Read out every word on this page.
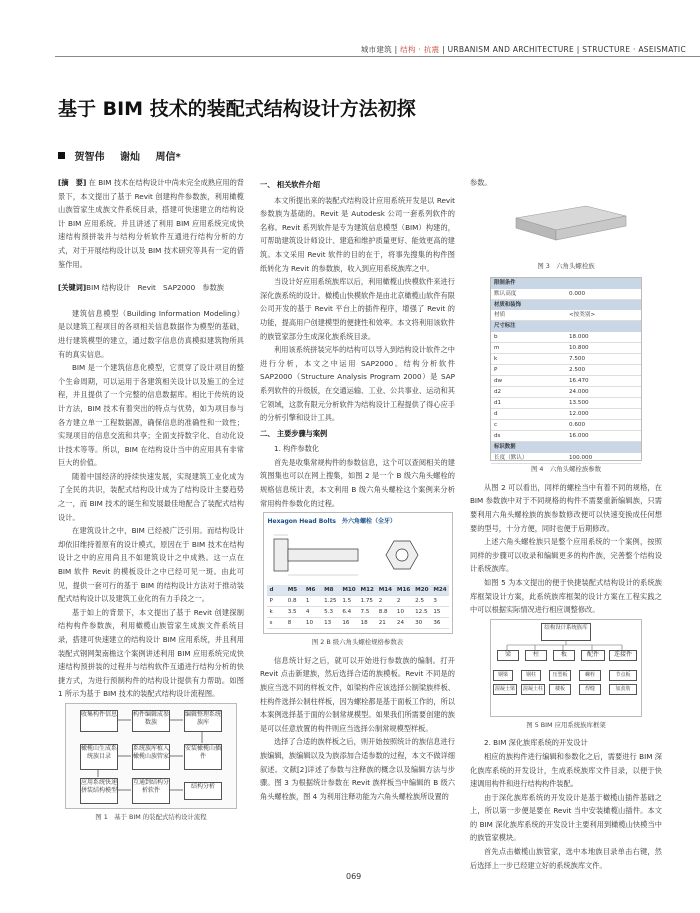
城市建筑 | 结构 · 抗震 | URBANISM AND ARCHITECTURE | STRUCTURE · ASEISMATIC
基于 BIM 技术的装配式结构设计方法初探
贺智伟 谢灿 周信*

[摘　要] 在 BIM 技术在结构设计中尚未完全成熟应用的背景下，本文提出了基于 Revit 创建构件参数族，利用橄榄山族管家生成族文件系统目录，搭建可快速建立的结构设计 BIM 应用系统。并且讲述了利用 BIM 应用系统完成快速结构预拼装并与结构分析软件互通进行结构分析的方式，对于开展结构设计以及 BIM 技术研究等具有一定的借鉴作用。

[关键词]BIM 结构设计　Revit　SAP2000　参数族

建筑信息模型（Building Information Modeling）是以建筑工程项目的各项相关信息数据作为模型的基础，进行建筑模型的建立，通过数字信息仿真模拟建筑物所具有的真实信息。

BIM 是一个建筑信息化模型，它贯穿了设计项目的整个生命周期，可以运用于各建筑相关设计以及施工的全过程，并且提供了一个完整的信息数据库。相比于传统的设计方法，BIM 技术有着突出的特点与优势，如为项目参与各方建立单一工程数据源，确保信息的准确性和一致性；实现项目的信息交流和共享；全面支持数字化、自动化设计技术等等。所以，BIM 在结构设计当中的应用具有非常巨大的价值。

随着中国经济的持续快速发展，实现建筑工业化成为了全民的共识，装配式结构设计成为了结构设计主要趋势之一，而 BIM 技术的诞生和发展最佳地配合了装配式结构设计。

在建筑设计之中，BIM 已经被广泛引用。而结构设计却依旧维持着原有的设计模式，原因在于 BIM 技术在结构设计之中的应用尚且不如建筑设计之中成熟。这一点在 BIM 软件 Revit 的模板设计之中已经可见一斑。由此可见，提供一套可行的基于 BIM 的结构设计方法对于推动装配式结构设计以及建筑工业化的有力手段之一。

基于如上的背景下，本文提出了基于 Revit 创建探制结构构件参数族，利用橄榄山族管家生成族文件系统目录，搭建可快速建立的结构设计 BIM 应用系统，并且利用装配式钢网架南檐这个案例讲述利用 BIM 应用系统完成快速结构预拼装的过程并与结构软件互通进行结构分析的快捷方式，为进行预制构件的结构设计提供有力帮助。如图 1 所示为基于 BIM 技术的装配式结构设计流程图。

收集构件信息	构件编辑成参数族
编辑整理系统族库
橄榄山生成系统族目录
系统族库植入橄榄山族管家
安装橄榄山插件
应用系统快速拼装结构模型
互通到结构分析软件
结构分析
图 1　基于 BIM 的装配式结构设计流程

一、 相关软件介绍

本文所提出来的装配式结构设计应用系统开发是以 Revit 参数族为基础的。Revit 是 Autodesk 公司一套系列软件的名称。Revit 系列软件是专为建筑信息模型（BIM）构建的，可帮助建筑设计师设计、建造和维护质量更好、能效更高的建筑。本文采用 Revit 软件的目的在于，将事先搜集的构件图纸转化为 Revit 的参数族，收入到应用系统族库之中。

当设计好应用系统族库以后，利用橄榄山快模软件来进行深化族系统的设计。橄榄山快模软件是由北京橄榄山软件有限公司开发的基于 Revit 平台上的插件程序，增强了 Revit 的功能，提高用户创建模型的便捷性和效率。本文将利用该软件的族管家部分生成深化族系统目录。

利用该系统拼装完毕的结构可以导入到结构设计软件之中进行分析，本文之中运用 SAP2000。结构分析软件 SAP2000（Structure Analysis Program 2000）是 SAP 系列软件的升级版，在交通运输、工业、公共事业、运动和其它领域，这款有限元分析软件为结构设计工程提供了得心应手的分析引擎和设计工具。

二、 主要步骤与案例

1. 构件参数化

首先是收集常规构件的参数信息，这个可以查阅相关的建筑图集也可以在网上搜集，如图 2 是一个 B 级六角头螺栓的规格信息统计表，本文利用 B 级六角头螺栓这个案例来分析常用构件参数化的过程。

Hexagon Head Bolts　外六角螺栓（全牙）
d	M5	M6	M8	M10 M12 M14 M16 M20 M24
P	0.8	1	1.25	1.5	1.75	2	2	2.5	3
k	3.5	4	5.3	6.4	7.5	8.8	10	12.5	15
s	8	10	13	16	18	21	24	30	36
图 2 B 级六角头螺栓规格参数表

信息统计好之后，就可以开始进行参数族的编制。打开 Revit 点击新建族，然后选择合适的族模板。Revit 不同是的族应当选不同的样板文件，如梁构件应该选择公制梁族样板、柱构件选择公制柱样板，因为螺栓都是基于面板工作的，所以本案例选择基于面的公制常规模型。如果我们所需要创建的族是可以任意放置的构件则应当选择公制常规模型样板。

选择了合适的族样板之后，则开始按照统计的族信息进行族编辑，族编辑以及为族添加合适参数的过程，本文不做详细叙述。文献[2]详述了参数与注释族的概念以及编辑方法与步骤。图 3 为根据统计参数在 Revit 族样板当中编辑的 B 级六角头螺栓族，图 4 为利用注释功能为六角头螺栓族所设置的

参数。

图 3　六角头螺栓族
限制条件
默认高度	0.000
材质和装饰
材质	<按类别>
尺寸标注
b	18.000
m	10.800
k	7.500
P	2.500
dw	16.470
d2	24.000
d1	13.500
d	12.000
c	0.600
ds	16.000
标识数据
长度（默认）	100.000
图 4　六角头螺栓族参数

从图 2 可以看出，同样的螺栓当中有着不同的规格，在 BIM 参数族中对于不同规格的构件不需要重新编辑族，只需要利用六角头螺栓族的族参数修改便可以快速变换成任何想要的型号，十分方便，同时也便于后期修改。

上述六角头螺栓族只是整个应用系统的一个案例，按照同样的步骤可以收录和编辑更多的构件族，完善整个结构设计系统族库。

如图 5 为本文提出的便于快捷装配式结构设计的系统族库框架设计方案，此系统族库框架的设计方案在工程实践之中可以根据实际情况进行相应调整修改。

结构设计系统族库
梁	柱	板	配件	连接件
钢梁
混凝土梁
钢柱
混凝土柱
压型板
楼板
螺栓
焊缝
节点板
加劲肋
图 5 BIM 应用系统族库框架

2. BIM 深化族库系统的开发设计

相应的族构件进行编辑和参数化之后，需要进行 BIM 深化族库系统的开发设计，生成系统族库文件目录，以便于快速调用构件和进行结构构件装配。

由于深化族库系统的开发设计是基于橄榄山插件基础之上，所以第一步便是要在 Revit 当中安装橄榄山插件。本文的 BIM 深化族库系统的开发设计主要利用到橄榄山快模当中的族管家模块。

首先点击橄榄山族管家，选中本地族目录单击右键，然后选择上一步已经建立好的系统族库文件。

069
